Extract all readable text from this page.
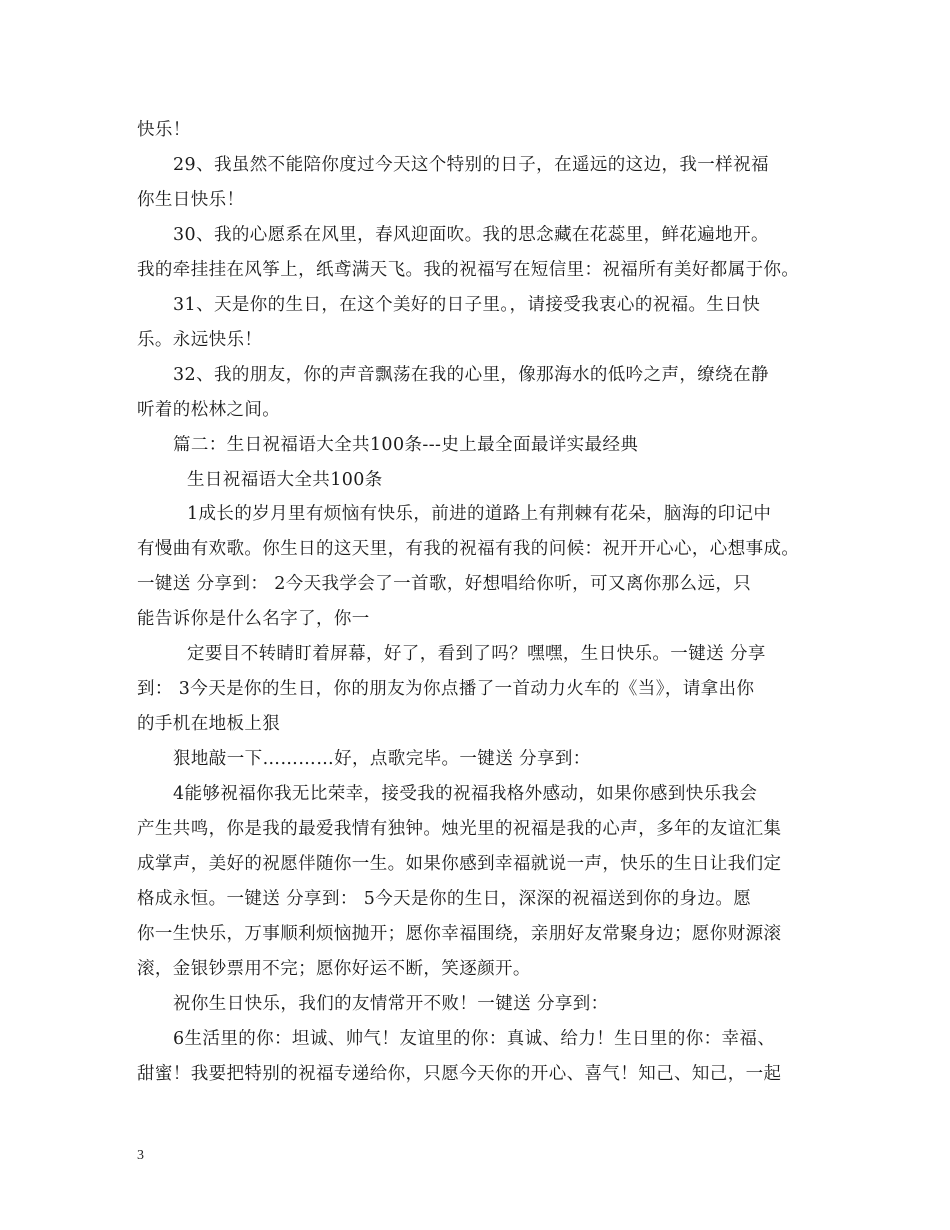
快乐！
29、我虽然不能陪你度过今天这个特别的日子，在遥远的这边，我一样祝福
你生日快乐！
30、我的心愿系在风里，春风迎面吹。我的思念藏在花蕊里，鲜花遍地开。
我的牵挂挂在风筝上，纸鸢满天飞。我的祝福写在短信里：祝福所有美好都属于你。
31、天是你的生日，在这个美好的日子里。，请接受我衷心的祝福。生日快
乐。永远快乐！
32、我的朋友，你的声音飘荡在我的心里，像那海水的低吟之声，缭绕在静
听着的松林之间。
篇二：生日祝福语大全共100条---史上最全面最详实最经典
生日祝福语大全共100条
1成长的岁月里有烦恼有快乐，前进的道路上有荆棘有花朵，脑海的印记中
有慢曲有欢歌。你生日的这天里，有我的祝福有我的问候：祝开开心心，心想事成。
一键送 分享到： 2今天我学会了一首歌，好想唱给你听，可又离你那么远，只
能告诉你是什么名字了，你一
定要目不转睛盯着屏幕，好了，看到了吗？嘿嘿，生日快乐。一键送 分享
到： 3今天是你的生日，你的朋友为你点播了一首动力火车的《当》，请拿出你
的手机在地板上狠
狠地敲一下…………好，点歌完毕。一键送 分享到：
4能够祝福你我无比荣幸，接受我的祝福我格外感动，如果你感到快乐我会
产生共鸣，你是我的最爱我情有独钟。烛光里的祝福是我的心声，多年的友谊汇集
成掌声，美好的祝愿伴随你一生。如果你感到幸福就说一声，快乐的生日让我们定
格成永恒。一键送 分享到： 5今天是你的生日，深深的祝福送到你的身边。愿
你一生快乐，万事顺利烦恼抛开；愿你幸福围绕，亲朋好友常聚身边；愿你财源滚
滚，金银钞票用不完；愿你好运不断，笑逐颜开。
祝你生日快乐，我们的友情常开不败！一键送 分享到：
6生活里的你：坦诚、帅气！友谊里的你：真诚、给力！生日里的你：幸福、
甜蜜！我要把特别的祝福专递给你，只愿今天你的开心、喜气！知己、知己，一起
3
